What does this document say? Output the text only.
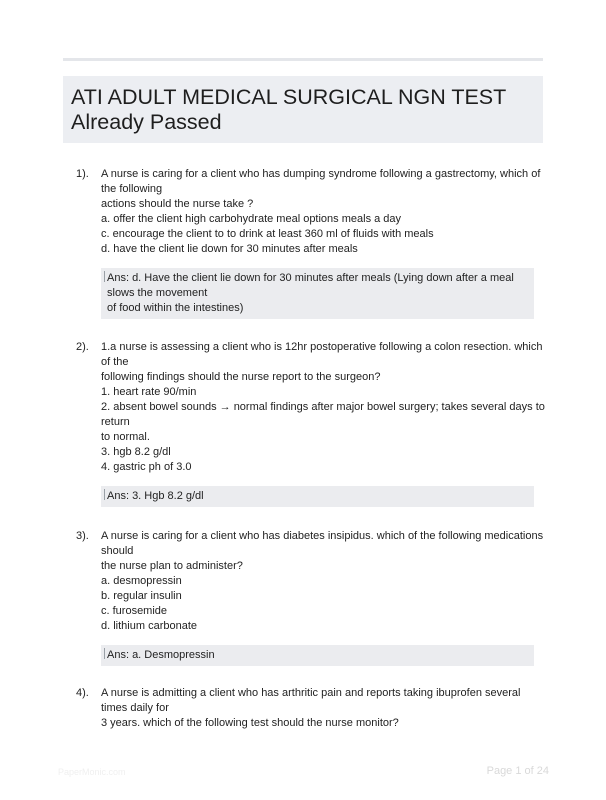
ATI ADULT MEDICAL SURGICAL NGN TEST
Already Passed
1). A nurse is caring for a client who has dumping syndrome following a gastrectomy, which of
the following
actions should the nurse take ?
a. offer the client high carbohydrate meal options meals a day
c. encourage the client to to drink at least 360 ml of fluids with meals
d. have the client lie down for 30 minutes after meals
Ans: d. Have the client lie down for 30 minutes after meals (Lying down after a meal
slows the movement
of food within the intestines)
2). 1.a nurse is assessing a client who is 12hr postoperative following a colon resection. which
of the
following findings should the nurse report to the surgeon?
1. heart rate 90/min
2. absent bowel sounds → normal findings after major bowel surgery; takes several days to
return
to normal.
3. hgb 8.2 g/dl
4. gastric ph of 3.0
Ans: 3. Hgb 8.2 g/dl
3). A nurse is caring for a client who has diabetes insipidus. which of the following medications
should
the nurse plan to administer?
a. desmopressin
b. regular insulin
c. furosemide
d. lithium carbonate
Ans: a. Desmopressin
4). A nurse is admitting a client who has arthritic pain and reports taking ibuprofen several
times daily for
3 years. which of the following test should the nurse monitor?
PaperMonic.com	Page 1 of 24
